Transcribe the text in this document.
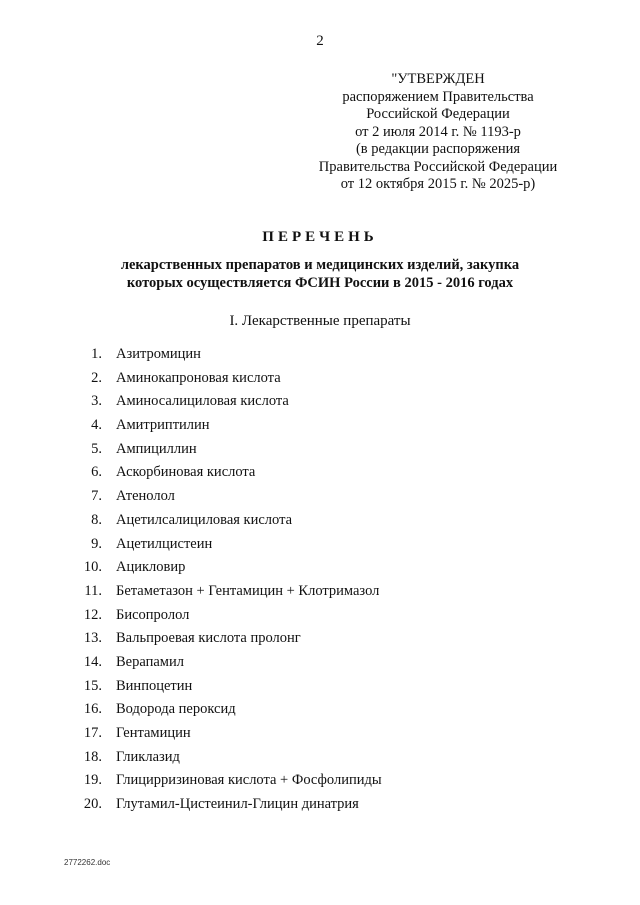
2
"УТВЕРЖДЕН
распоряжением Правительства
Российской Федерации
от 2 июля 2014 г. № 1193-р
(в редакции распоряжения
Правительства Российской Федерации
от 12 октября 2015 г. № 2025-р)
ПЕРЕЧЕНЬ
лекарственных препаратов и медицинских изделий, закупка
которых осуществляется ФСИН России в 2015 - 2016 годах
I. Лекарственные препараты
1. Азитромицин
2. Аминокапроновая кислота
3. Аминосалициловая кислота
4. Амитриптилин
5. Ампициллин
6. Аскорбиновая кислота
7. Атенолол
8. Ацетилсалициловая кислота
9. Ацетилцистеин
10. Ацикловир
11. Бетаметазон + Гентамицин + Клотримазол
12. Бисопролол
13. Вальпроевая кислота пролонг
14. Верапамил
15. Винпоцетин
16. Водорода пероксид
17. Гентамицин
18. Гликлазид
19. Глицирризиновая кислота + Фосфолипиды
20. Глутамил-Цистеинил-Глицин динатрия
2772262.doc
